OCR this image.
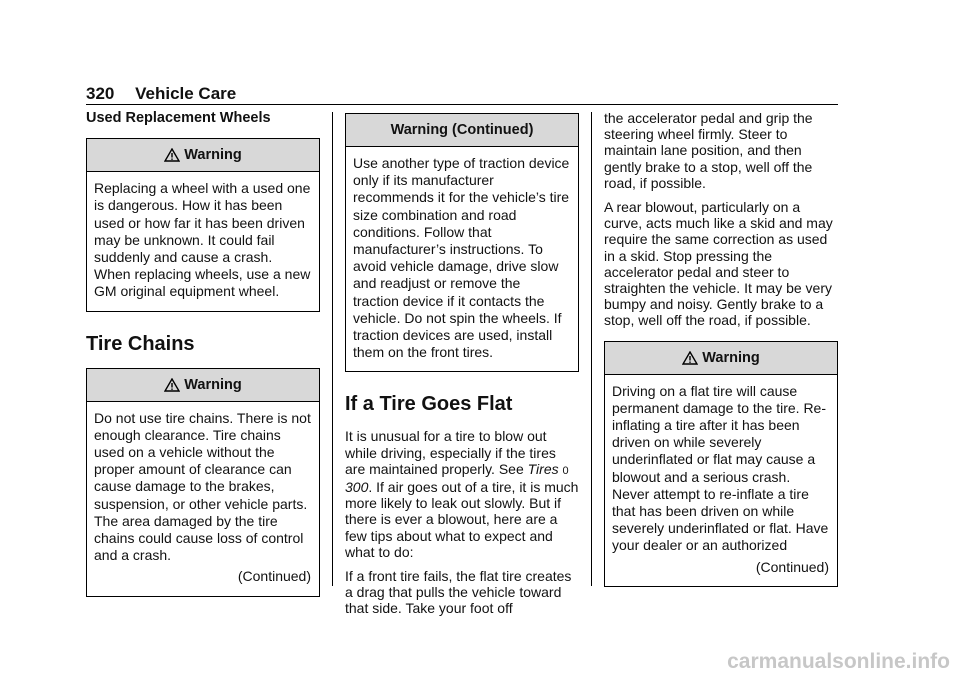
320 Vehicle Care
Used Replacement Wheels
Warning

Replacing a wheel with a used one is dangerous. How it has been used or how far it has been driven may be unknown. It could fail suddenly and cause a crash. When replacing wheels, use a new GM original equipment wheel.

Tire Chains
Warning

Do not use tire chains. There is not enough clearance. Tire chains used on a vehicle without the proper amount of clearance can cause damage to the brakes, suspension, or other vehicle parts. The area damaged by the tire chains could cause loss of control and a crash.

(Continued)
Warning (Continued)

Use another type of traction device only if its manufacturer recommends it for the vehicle’s tire size combination and road conditions. Follow that manufacturer’s instructions. To avoid vehicle damage, drive slow and readjust or remove the traction device if it contacts the vehicle. Do not spin the wheels. If traction devices are used, install them on the front tires.

If a Tire Goes Flat

It is unusual for a tire to blow out while driving, especially if the tires are maintained properly. See Tires 0 300. If air goes out of a tire, it is much more likely to leak out slowly. But if there is ever a blowout, here are a few tips about what to expect and what to do:

If a front tire fails, the flat tire creates a drag that pulls the vehicle toward that side. Take your foot off

the accelerator pedal and grip the steering wheel firmly. Steer to maintain lane position, and then gently brake to a stop, well off the road, if possible.

A rear blowout, particularly on a curve, acts much like a skid and may require the same correction as used in a skid. Stop pressing the accelerator pedal and steer to straighten the vehicle. It may be very bumpy and noisy. Gently brake to a stop, well off the road, if possible.

Warning

Driving on a flat tire will cause permanent damage to the tire. Re-inflating a tire after it has been driven on while severely underinflated or flat may cause a blowout and a serious crash. Never attempt to re-inflate a tire that has been driven on while severely underinflated or flat. Have your dealer or an authorized

(Continued)
carmanualsonline.info
